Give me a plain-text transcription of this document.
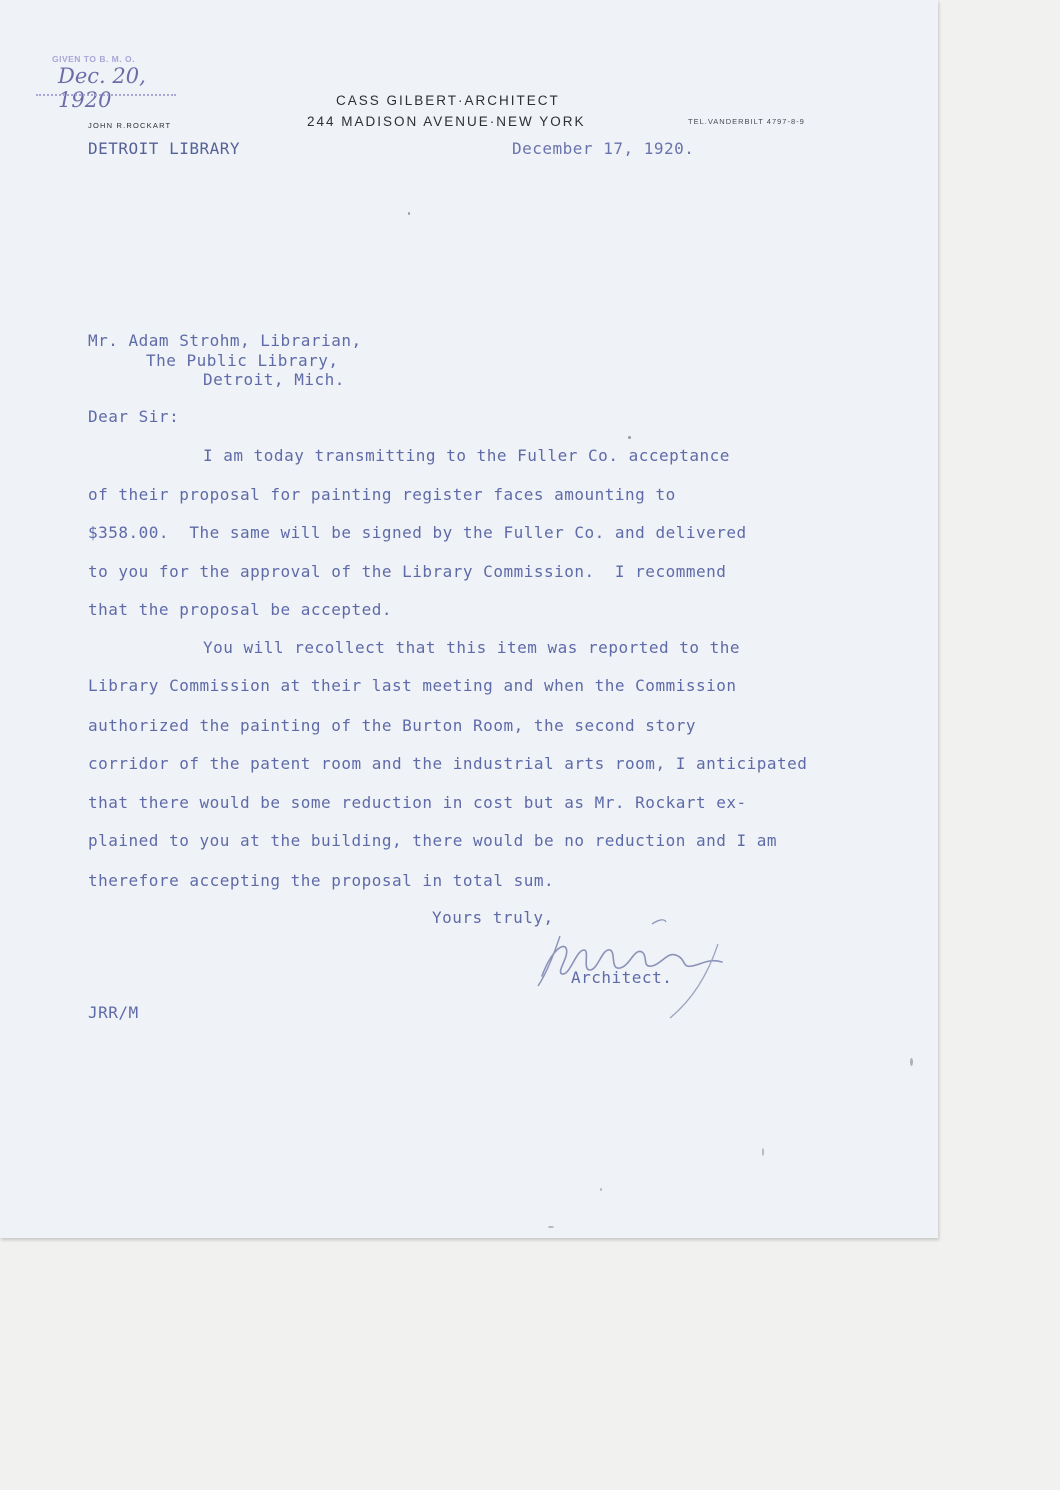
GIVEN TO B. M. O.
Dec. 20, 1920	CASS GILBERT·ARCHITECT
244 MADISON AVENUE·NEW YORK
JOHN R.ROCKART	TEL.VANDERBILT 4797-8-9
DETROIT LIBRARY	December 17, 1920.
Mr. Adam Strohm, Librarian,
The Public Library,
Detroit, Mich.
Dear Sir:
I am today transmitting to the Fuller Co. acceptance
of their proposal for painting register faces amounting to
$358.00.  The same will be signed by the Fuller Co. and delivered
to you for the approval of the Library Commission.  I recommend
that the proposal be accepted.
You will recollect that this item was reported to the
Library Commission at their last meeting and when the Commission
authorized the painting of the Burton Room, the second story
corridor of the patent room and the industrial arts room, I anticipated
that there would be some reduction in cost but as Mr. Rockart ex-
plained to you at the building, there would be no reduction and I am
therefore accepting the proposal in total sum.
Yours truly,
Architect.
JRR/M
